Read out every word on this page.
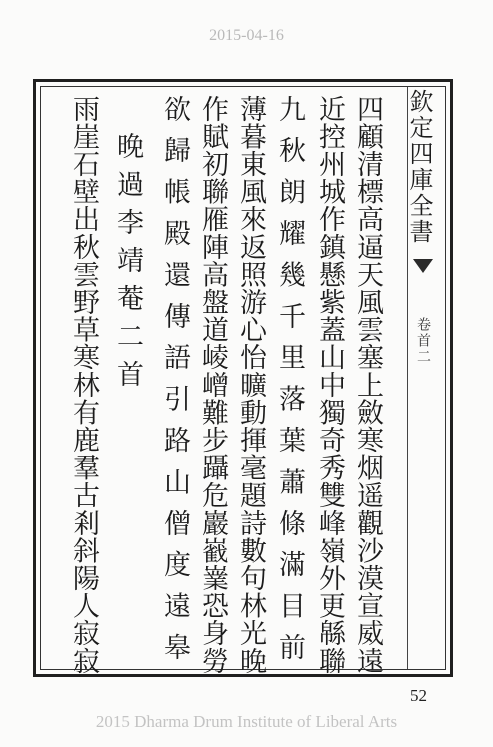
2015-04-16
欽定四庫全書
卷首二
四顧清標高逼天風雲塞上斂寒烟遥觀沙漠宣威遠
近控州城作鎮懸紫蓋山中獨奇秀雙峰嶺外更緜聯
九秋朗耀幾千里落葉蕭條滿目前
薄暮東風來返照游心怡曠動揮毫題詩數句林光晚
作賦初聯雁陣高盤道崚嶒難步躡危巖巀嶪恐身勞
欲歸帳殿還傳語引路山僧度遠皋
晚過李靖菴二首
雨崖石壁出秋雲野草寒林有鹿羣古剎斜陽人寂寂
52
2015 Dharma Drum Institute of Liberal Arts
